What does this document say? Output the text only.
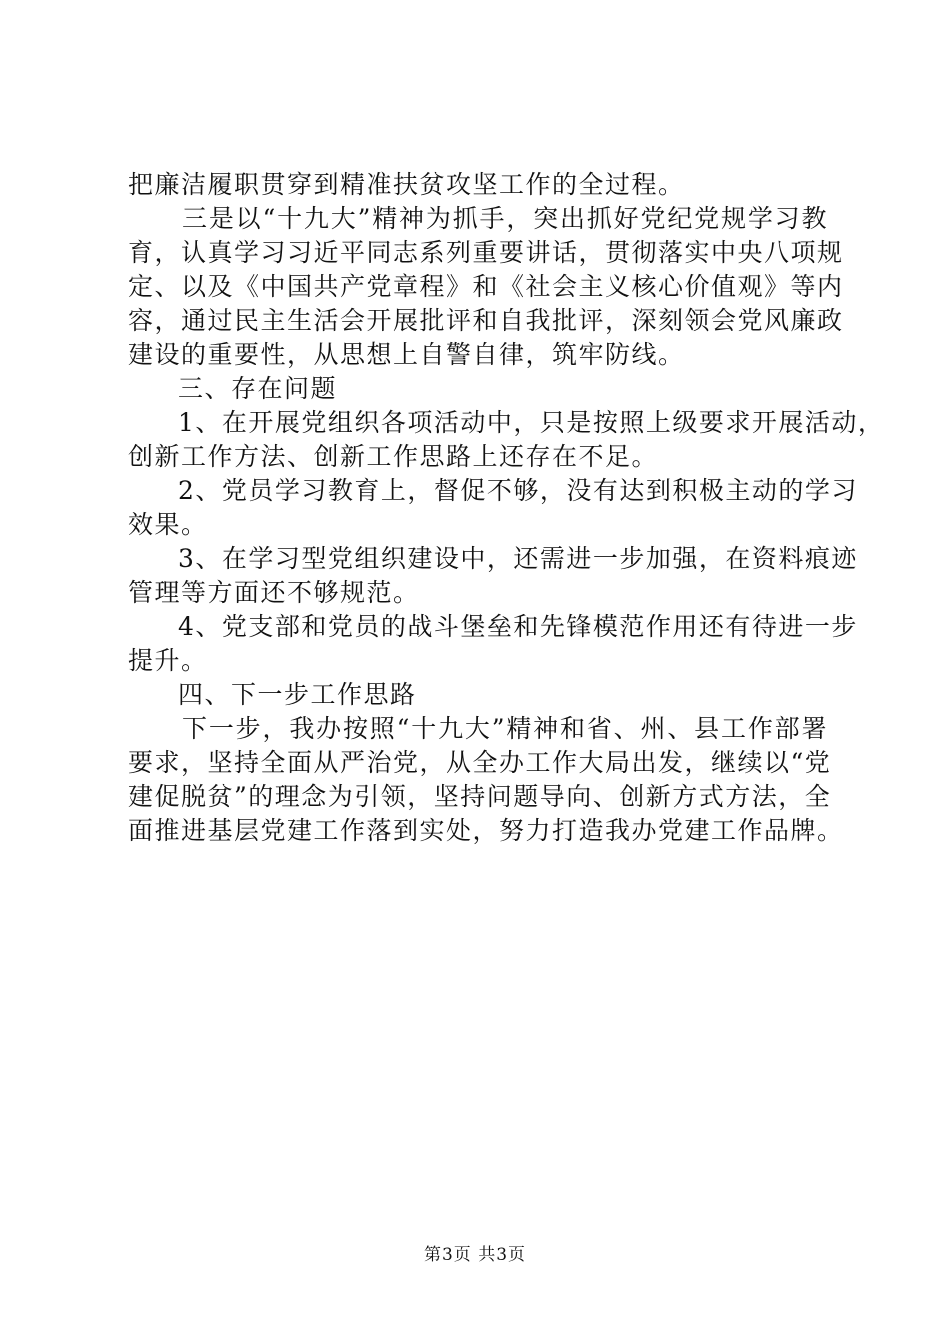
把廉洁履职贯穿到精准扶贫攻坚工作的全过程。
三是以“十九大”精神为抓手，突出抓好党纪党规学习教
育，认真学习习近平同志系列重要讲话，贯彻落实中央八项规
定、以及《中国共产党章程》和《社会主义核心价值观》等内
容，通过民主生活会开展批评和自我批评，深刻领会党风廉政
建设的重要性，从思想上自警自律，筑牢防线。
三、存在问题
1、在开展党组织各项活动中，只是按照上级要求开展活动，
创新工作方法、创新工作思路上还存在不足。
2、党员学习教育上，督促不够，没有达到积极主动的学习
效果。
3、在学习型党组织建设中，还需进一步加强，在资料痕迹
管理等方面还不够规范。
4、党支部和党员的战斗堡垒和先锋模范作用还有待进一步
提升。
四、下一步工作思路
下一步，我办按照“十九大”精神和省、州、县工作部署
要求，坚持全面从严治党，从全办工作大局出发，继续以“党
建促脱贫”的理念为引领，坚持问题导向、创新方式方法，全
面推进基层党建工作落到实处，努力打造我办党建工作品牌。
第3页 共3页
